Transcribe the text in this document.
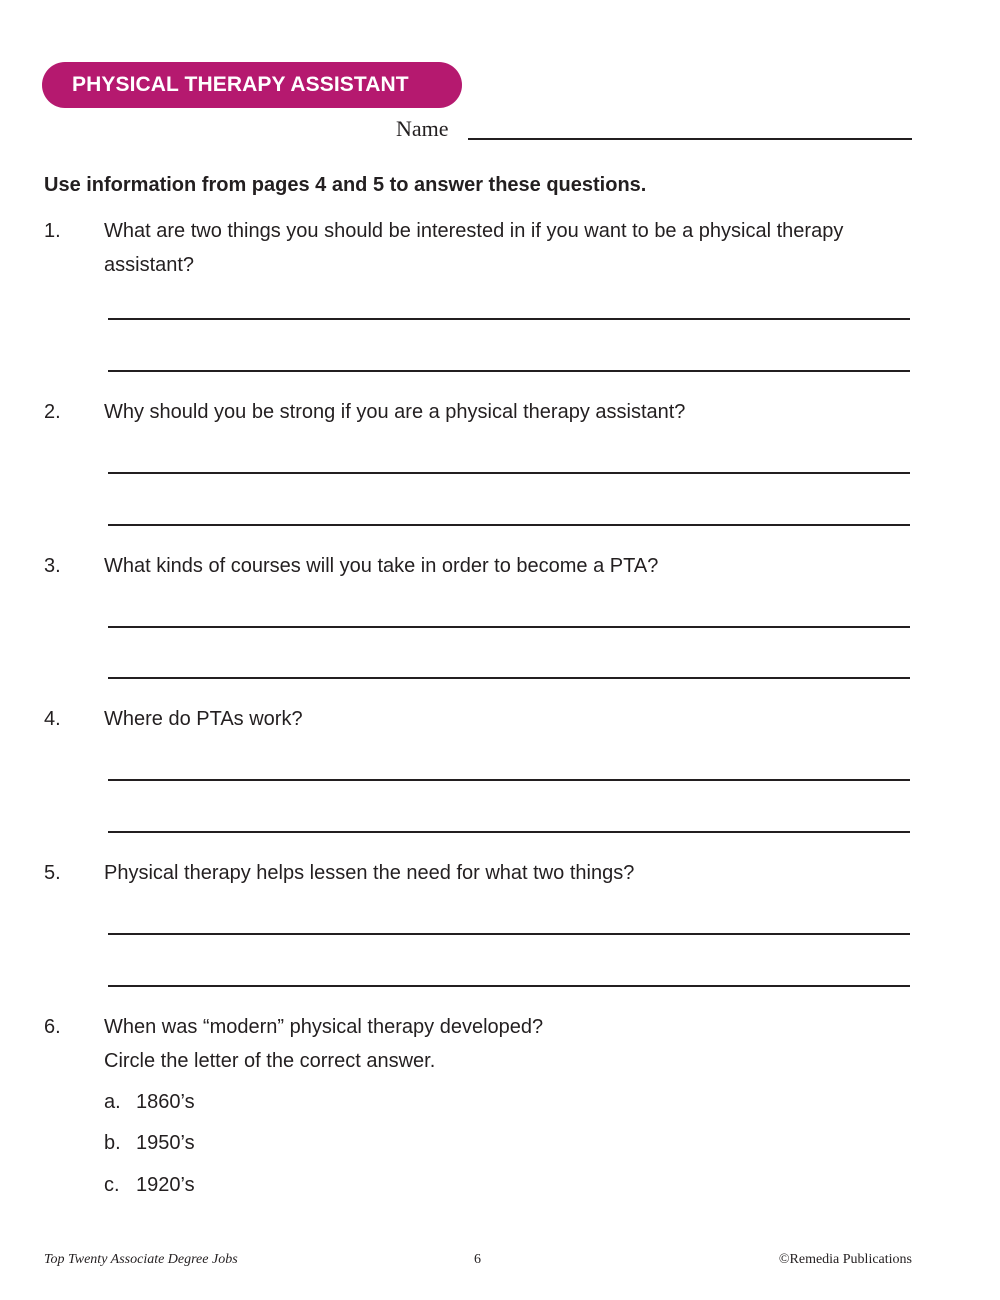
PHYSICAL THERAPY ASSISTANT
Name
Use information from pages 4 and 5 to answer these questions.
1. What are two things you should be interested in if you want to be a physical therapy assistant?

2. Why should you be strong if you are a physical therapy assistant?

3. What kinds of courses will you take in order to become a PTA?

4. Where do PTAs work?

5. Physical therapy helps lessen the need for what two things?

6. When was “modern” physical therapy developed?
Circle the letter of the correct answer.

a. 1860’s
b. 1950’s
c. 1920’s
Top Twenty Associate Degree Jobs	6	©Remedia Publications
